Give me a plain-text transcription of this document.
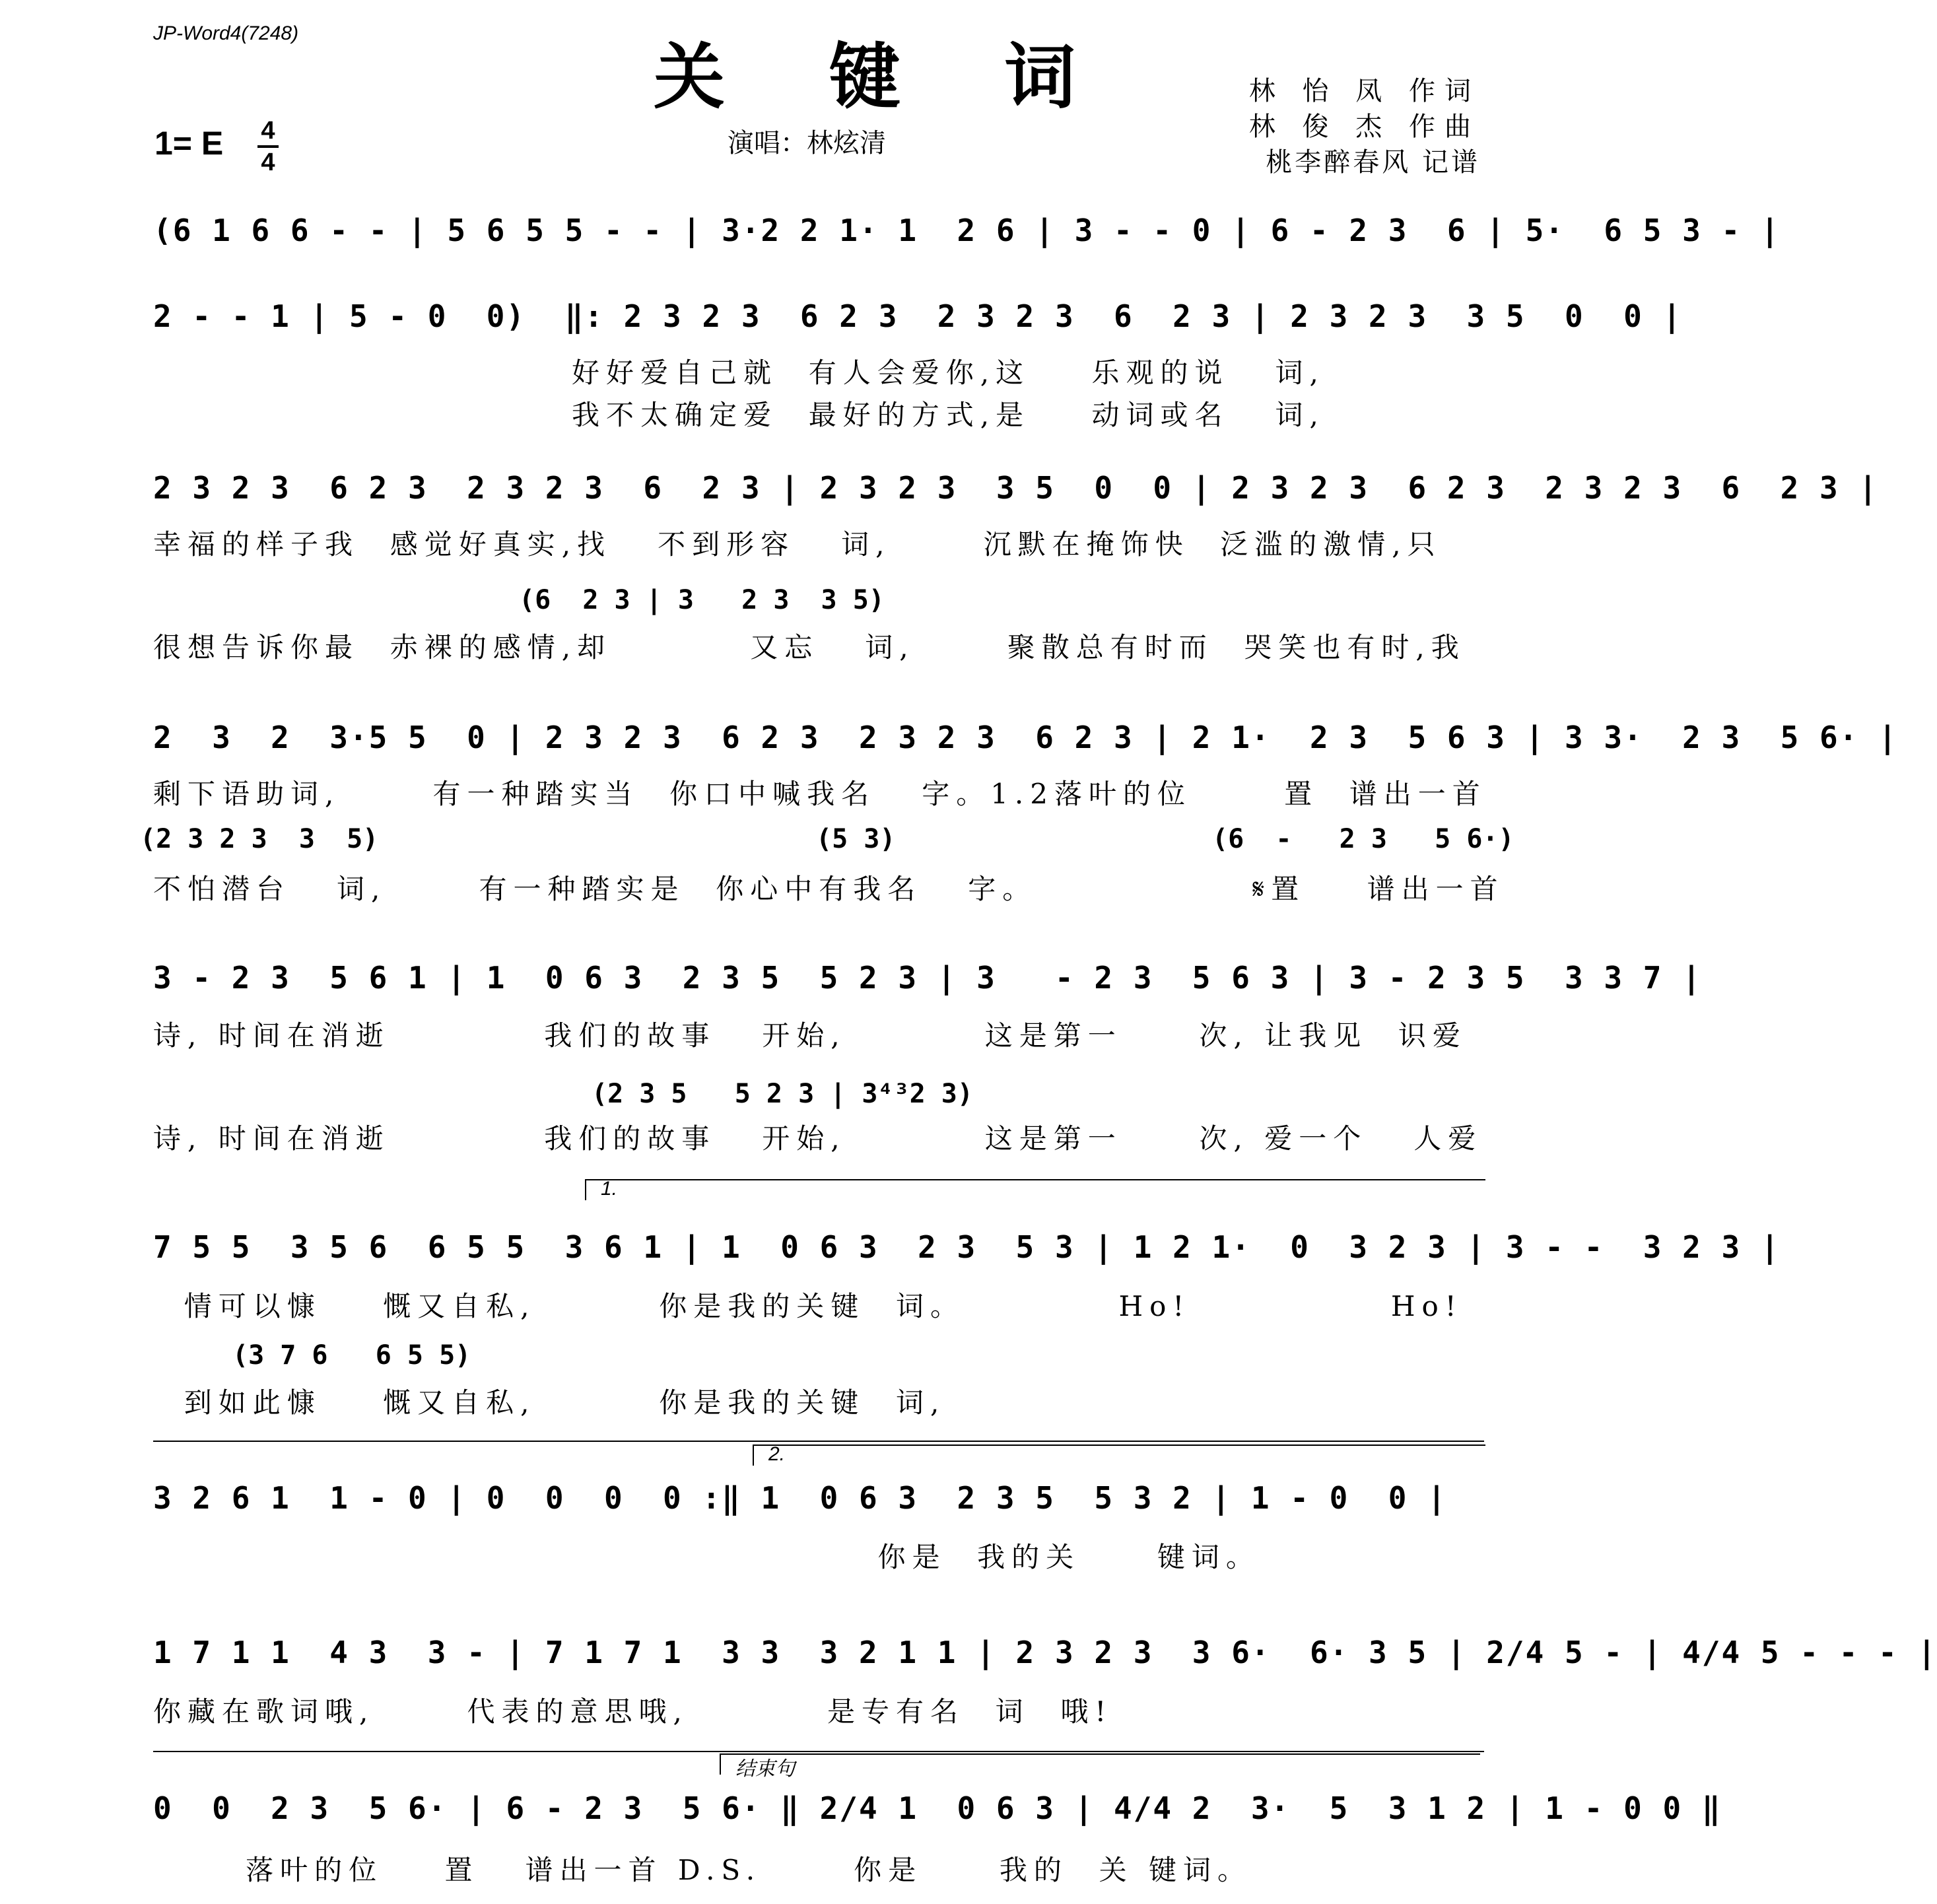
JP-Word4(7248)
关 键 词
1= E 4
4
演唱：林炫清
林 怡 凤 作词
林 俊 杰 作曲
桃李醉春风 记谱
(6 1 6 6 - - | 5 6 5 5 - - | 3·2 2 1· 1  2 6 | 3 - - 0 | 6 - 2 3  6 | 5·  6 5 3 - |
2 - - 1 | 5 - 0  0)  ‖: 2 3 2 3  6 2 3  2 3 2 3  6  2 3 | 2 3 2 3  3 5  0  0 |
好好爱自己就  有人会爱你,这    乐观的说   词,
我不太确定爱  最好的方式,是    动词或名   词,
2 3 2 3  6 2 3  2 3 2 3  6  2 3 | 2 3 2 3  3 5  0  0 | 2 3 2 3  6 2 3  2 3 2 3  6  2 3 |
幸福的样子我  感觉好真实,找   不到形容   词,      沉默在掩饰快  泛滥的激情,只
(6  2 3 | 3   2 3  3 5)
很想告诉你最  赤裸的感情,却         又忘   词,      聚散总有时而  哭笑也有时,我
2  3  2  3·5 5  0 | 2 3 2 3  6 2 3  2 3 2 3  6 2 3 | 2 1·  2 3  5 6 3 | 3 3·  2 3  5 6· |
剩下语助词,      有一种踏实当  你口中喊我名   字。1.2落叶的位      置  谱出一首
(2 3 2 3  3  5)	(5 3)	(6  -   2 3   5 6·)
不怕潜台   词,      有一种踏实是  你心中有我名   字。              𝄋置    谱出一首
3 - 2 3  5 6 1 | 1  0 6 3  2 3 5  5 2 3 | 3   - 2 3  5 6 3 | 3 - 2 3 5  3 3 7 |
诗, 时间在消逝          我们的故事   开始,         这是第一     次, 让我见  识爱
(2 3 5   5 2 3 | 3⁴³2 3)
诗, 时间在消逝          我们的故事   开始,         这是第一     次, 爱一个   人爱
1.
7 5 5  3 5 6  6 5 5  3 6 1 | 1  0 6 3  2 3  5 3 | 1 2 1·  0  3 2 3 | 3 - -  3 2 3 |
情可以慷    慨又自私,        你是我的关键  词。          Ho!             Ho!
(3 7 6   6 5 5)
到如此慷    慨又自私,        你是我的关键  词,
2.
3 2 6 1  1 - 0 | 0  0  0  0 :‖ 1  0 6 3  2 3 5  5 3 2 | 1 - 0  0 |
你是  我的关     键词。
1 7 1 1  4 3  3 - | 7 1 7 1  3 3  3 2 1 1 | 2 3 2 3  3 6·  6· 3 5 | 2/4 5 - | 4/4 5 - - - |
你藏在歌词哦,      代表的意思哦,         是专有名  词  哦!
结束句
0  0  2 3  5 6· | 6 - 2 3  5 6· ‖ 2/4 1  0 6 3 | 4/4 2  3·  5  3 1 2 | 1 - 0 0 ‖
落叶的位    置   谱出一首 D.S.      你是     我的  关 键词。
